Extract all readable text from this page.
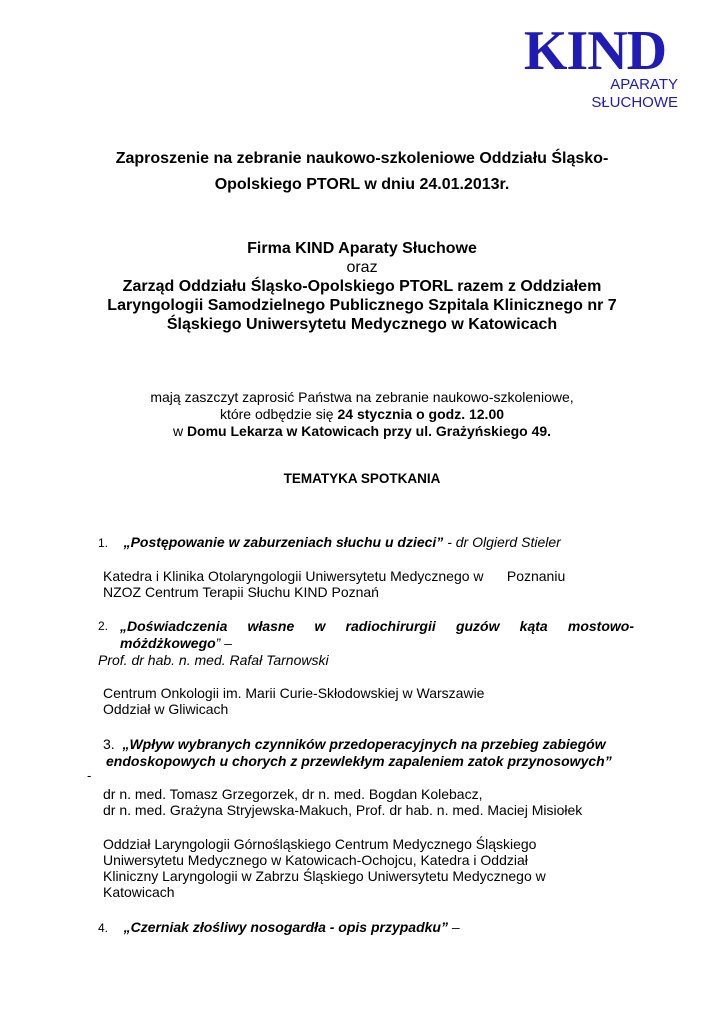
KIND
APARATY SŁUCHOWE
Zaproszenie na zebranie naukowo-szkoleniowe Oddziału Śląsko-
Opolskiego PTORL w dniu 24.01.2013r.
Firma KIND Aparaty Słuchowe
oraz
Zarząd Oddziału Śląsko-Opolskiego PTORL razem z Oddziałem
Laryngologii Samodzielnego Publicznego Szpitala Klinicznego nr 7
Śląskiego Uniwersytetu Medycznego w Katowicach
mają zaszczyt zaprosić Państwa na zebranie naukowo-szkoleniowe,
które odbędzie się 24 stycznia o godz. 12.00
w Domu Lekarza w Katowicach przy ul. Grażyńskiego 49.
TEMATYKA SPOTKANIA
1. „Postępowanie w zaburzeniach słuchu u dzieci” - dr Olgierd Stieler
Katedra i Klinika Otolaryngologii Uniwersytetu Medycznego w      Poznaniu
NZOZ Centrum Terapii Słuchu KIND Poznań
2. „Doświadczenia własne w radiochirurgii guzów kąta mostowo-
móżdżkowego” –
Prof. dr hab. n. med. Rafał Tarnowski
Centrum Onkologii im. Marii Curie-Skłodowskiej w Warszawie
Oddział w Gliwicach
3. „Wpływ wybranych czynników przedoperacyjnych na przebieg zabiegów
endoskopowych u chorych z przewlekłym zapaleniem zatok przynosowych”
-
dr n. med. Tomasz Grzegorzek, dr n. med. Bogdan Kolebacz,
dr n. med. Grażyna Stryjewska-Makuch, Prof. dr hab. n. med. Maciej Misiołek
Oddział Laryngologii Górnośląskiego Centrum Medycznego Śląskiego
Uniwersytetu Medycznego w Katowicach-Ochojcu, Katedra i Oddział
Kliniczny Laryngologii w Zabrzu Śląskiego Uniwersytetu Medycznego w
Katowicach
4. „Czerniak złośliwy nosogardła - opis przypadku” –
